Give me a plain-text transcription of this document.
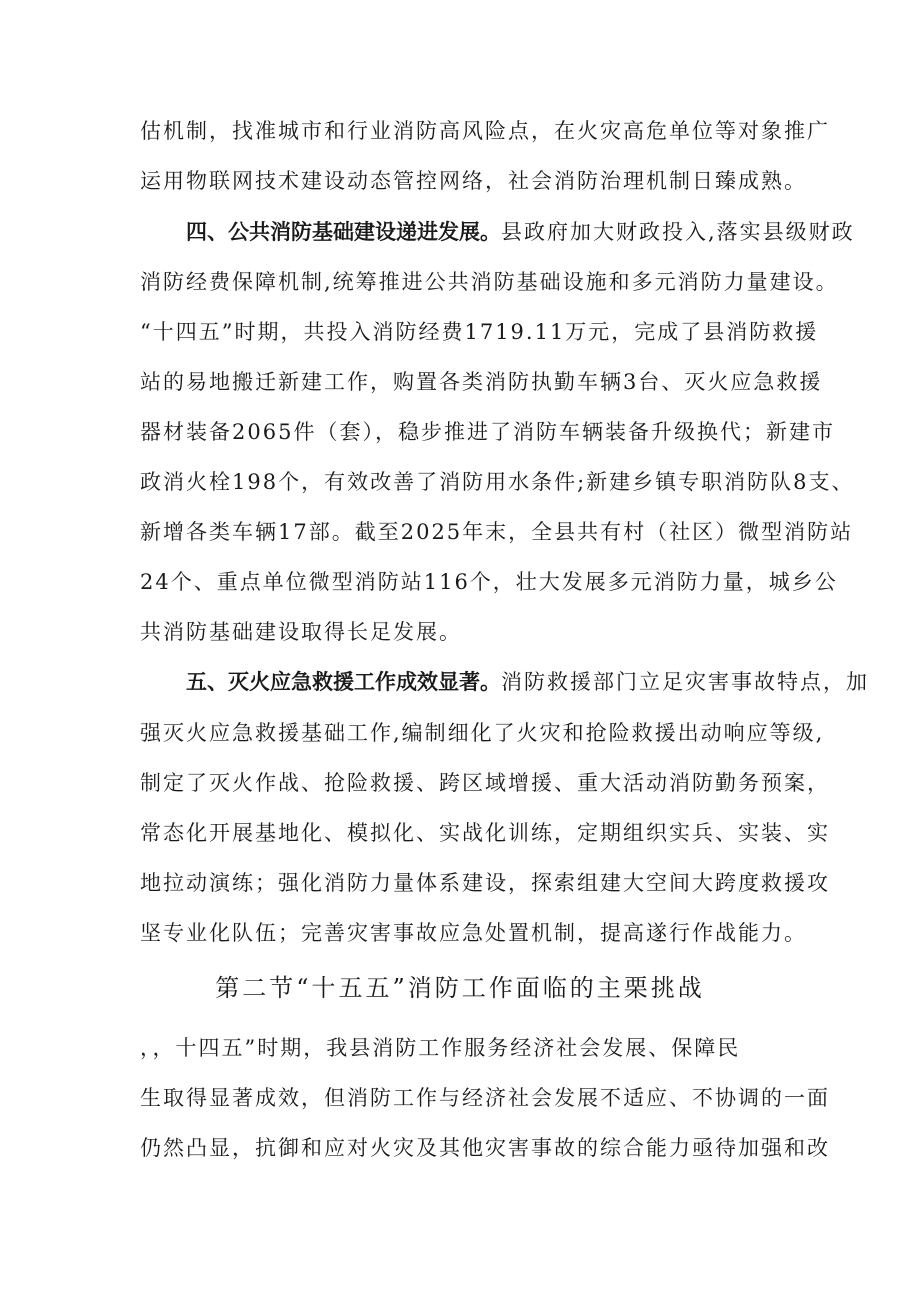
估机制，找准城市和行业消防高风险点，在火灾高危单位等对象推广
运用物联网技术建设动态管控网络，社会消防治理机制日臻成熟。
四、公共消防基础建设递进发展。县政府加大财政投入,落实县级财政
消防经费保障机制,统筹推进公共消防基础设施和多元消防力量建设。
“十四五”时期，共投入消防经费1719.11万元，完成了县消防救援
站的易地搬迁新建工作，购置各类消防执勤车辆3台、灭火应急救援
器材装备2065件（套），稳步推进了消防车辆装备升级换代；新建市
政消火栓198个，有效改善了消防用水条件;新建乡镇专职消防队8支、
新增各类车辆17部。截至2025年末，全县共有村（社区）微型消防站
24个、重点单位微型消防站116个，壮大发展多元消防力量，城乡公
共消防基础建设取得长足发展。
五、灭火应急救援工作成效显著。消防救援部门立足灾害事故特点，加
强灭火应急救援基础工作,编制细化了火灾和抢险救援出动响应等级,
制定了灭火作战、抢险救援、跨区域增援、重大活动消防勤务预案，
常态化开展基地化、模拟化、实战化训练，定期组织实兵、实装、实
地拉动演练；强化消防力量体系建设，探索组建大空间大跨度救援攻
坚专业化队伍；完善灾害事故应急处置机制，提高遂行作战能力。
第二节“十五五”消防工作面临的主栗挑战
，，十四五”时期，我县消防工作服务经济社会发展、保障民
生取得显著成效，但消防工作与经济社会发展不适应、不协调的一面
仍然凸显，抗御和应对火灾及其他灾害事故的综合能力亟待加强和改
